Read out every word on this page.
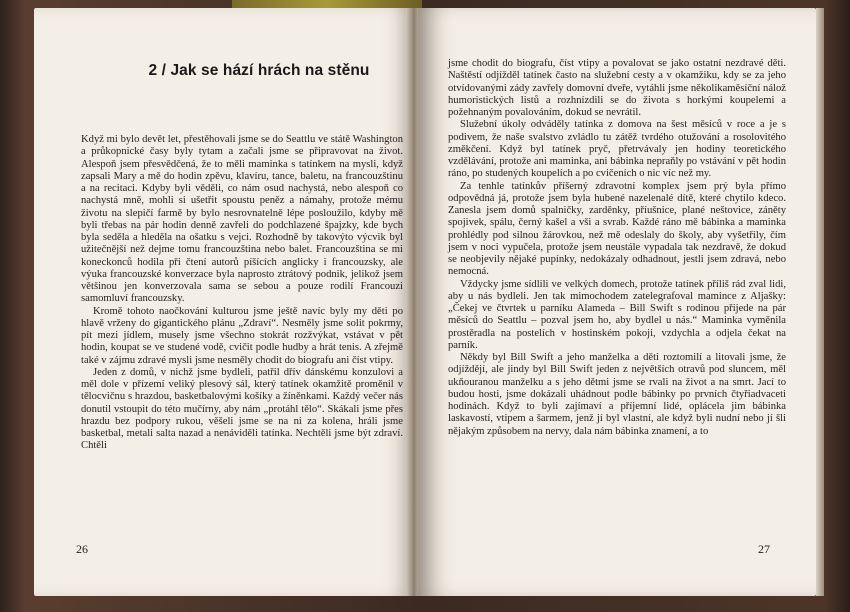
2 / Jak se hází hrách na stěnu

Když mi bylo devět let, přestěhovali jsme se do Seattlu ve státě Washington a průkopnické časy byly tytam a začali jsme se připravovat na život. Alespoň jsem přesvědčená, že to měli maminka s tatínkem na mysli, když zapsali Mary a mě do hodin zpěvu, klavíru, tance, baletu, na francouzštinu a na recitaci. Kdyby byli věděli, co nám osud nachystá, nebo alespoň co nachystá mně, mohli si ušetřit spoustu peněz a námahy, protože mému životu na slepičí farmě by bylo nesrovnatelně lépe posloužilo, kdyby mě byli třebas na pár hodin denně zavřeli do podchlazené špajzky, kde bych byla seděla a hleděla na ošatku s vejci. Rozhodně by takovýto výcvik byl užitečnější než dejme tomu francouzština nebo balet. Francouzština se mi koneckonců hodila při čtení autorů píšících anglicky i francouzsky, ale výuka francouzské konverzace byla naprosto ztrátový podnik, jelikož jsem většinou jen konverzovala sama se sebou a pouze rodilí Francouzi samomluví francouzsky.

Kromě tohoto naočkování kulturou jsme ještě navíc byly my děti po hlavě vrženy do gigantického plánu „Zdraví“. Nesměly jsme solit pokrmy, pít mezi jídlem, musely jsme všechno stokrát rozžvýkat, vstávat v pět hodin, koupat se ve studené vodě, cvičit podle hudby a hrát tenis. A zřejmě také v zájmu zdravé mysli jsme nesměly chodit do biografu ani číst vtipy.

Jeden z domů, v nichž jsme bydleli, patřil dřív dánskému konzulovi a měl dole v přízemí veliký plesový sál, který tatínek okamžitě proměnil v tělocvičnu s hrazdou, basketbalovými košíky a žíněnkami. Každý večer nás donutil vstoupit do této mučírny, aby nám „protáhl tělo“. Skákali jsme přes hrazdu bez podpory rukou, věšeli jsme se na ni za kolena, hráli jsme basketbal, metali salta nazad a nenáviděli tatínka. Nechtěli jsme být zdraví. Chtěli

26

jsme chodit do biografu, číst vtipy a povalovat se jako ostatní nezdravé děti. Naštěstí odjížděl tatínek často na služební cesty a v okamžiku, kdy se za jeho otvídovanými zády zavřely domovní dveře, vytáhli jsme několikaměsíční nálož humoristických listů a rozhnízdili se do života s horkými koupelemi a požehnaným povalováním, dokud se nevrátil.

Služební úkoly odváděly tatínka z domova na šest měsíců v roce a je s podivem, že naše svalstvo zvládlo tu zátěž tvrdého otužování a rosolovitého změkčení. Když byl tatínek pryč, přetrvávaly jen hodiny teoretického vzdělávání, protože ani maminka, ani bábinka nepraňly po vstávání v pět hodin ráno, po studených koupelích a po cvičeních o nic víc než my.

Za tenhle tatínkův příšerný zdravotní komplex jsem prý byla přímo odpovědná já, protože jsem byla hubené nazelenalé dítě, které chytilo kdeco. Zanesla jsem domů spalničky, zarděnky, příušnice, plané neštovice, záněty spojivek, spálu, černý kašel a vši a svrab. Každé ráno mě bábinka a maminka prohlédly pod silnou žárovkou, než mě odeslaly do školy, aby vyšetřily, čím jsem v noci vypučela, protože jsem neustále vypadala tak nezdravě, že dokud se neobjevily nějaké pupínky, nedokázaly odhadnout, jestli jsem zdravá, nebo nemocná.

Vždycky jsme sídlili ve velkých domech, protože tatínek příliš rád zval lidi, aby u nás bydleli. Jen tak mimochodem zatelegrafoval mamince z Aljašky: „Čekej ve čtvrtek u parníku Alameda – Bill Swift s rodinou přijede na pár měsíců do Seattlu – pozval jsem ho, aby bydlel u nás.“ Maminka vyměnila prostěradla na postelích v hostinském pokoji, vzdychla a odjela čekat na parník.

Někdy byl Bill Swift a jeho manželka a děti roztomilí a litovali jsme, že odjíždějí, ale jindy byl Bill Swift jeden z největších otravů pod sluncem, měl ukňouranou manželku a s jeho dětmi jsme se rvali na život a na smrt. Jací to budou hosti, jsme dokázali uhádnout podle bábinky po prvních čtyřiadvaceti hodinách. Když to byli zajímaví a příjemní lidé, oplácela jim bábinka laskavostí, vtipem a šarmem, jenž jí byl vlastní, ale když byli nudní nebo jí šli nějakým způsobem na nervy, dala nám bábinka znamení, a to

27
